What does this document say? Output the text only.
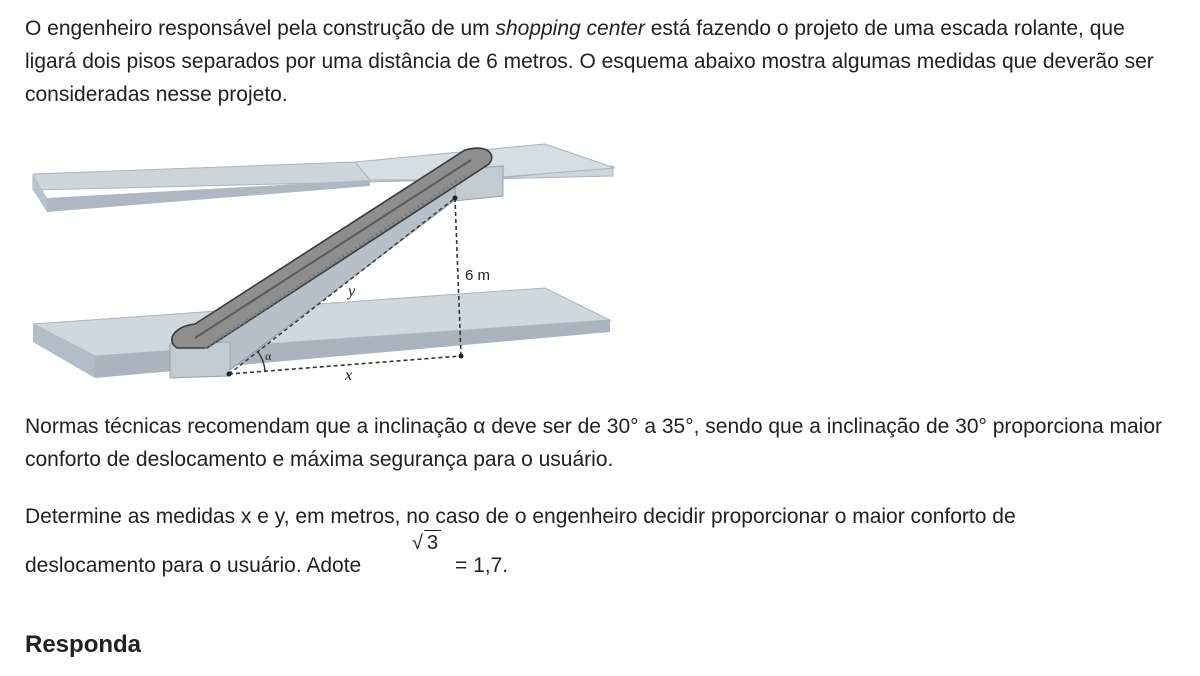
O engenheiro responsável pela construção de um shopping center está fazendo o projeto de uma escada rolante, que ligará dois pisos separados por uma distância de 6 metros. O esquema abaixo mostra algumas medidas que deverão ser consideradas nesse projeto.

6 m
y
x
α

Normas técnicas recomendam que a inclinação α deve ser de 30° a 35°, sendo que a inclinação de 30° proporciona maior conforto de deslocamento e máxima segurança para o usuário.

Determine as medidas x e y, em metros, no caso de o engenheiro decidir proporcionar o maior conforto de

deslocamento para o usuário. Adote

√ 3
= 1,7.
Responda
